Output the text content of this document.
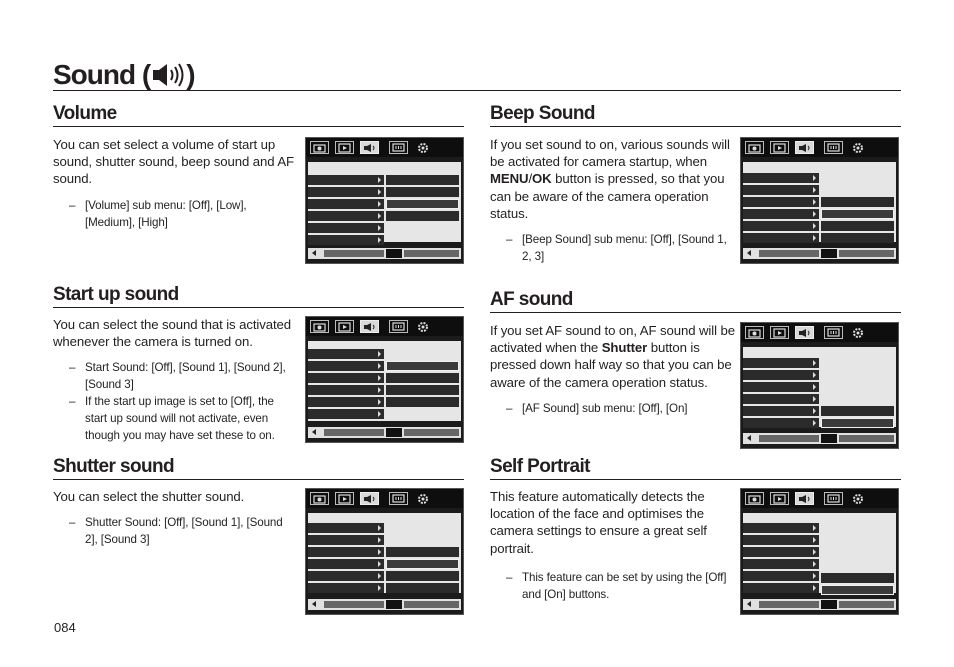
Sound ( )
Volume

You can set select a volume of start up sound, shutter sound, beep sound and AF sound.

– [Volume] sub menu: [Off], [Low], [Medium], [High]
Start up sound

You can select the sound that is activated whenever the camera is turned on.

– Start Sound: [Off], [Sound 1], [Sound 2], [Sound 3]
– If the start up image is set to [Off], the start up sound will not activate, even though you may have set these to on.
Shutter sound

You can select the shutter sound.

– Shutter Sound: [Off], [Sound 1], [Sound 2], [Sound 3]
Beep Sound

If you set sound to on, various sounds will be activated for camera startup, when MENU/OK button is pressed, so that you can be aware of the camera operation status.

– [Beep Sound] sub menu: [Off], [Sound 1, 2, 3]
AF sound

If you set AF sound to on, AF sound will be activated when the Shutter button is pressed down half way so that you can be aware of the camera operation status.

– [AF Sound] sub menu: [Off], [On]
Self Portrait

This feature automatically detects the location of the face and optimises the camera settings to ensure a great self portrait.

– This feature can be set by using the [Off] and [On] buttons.
084
